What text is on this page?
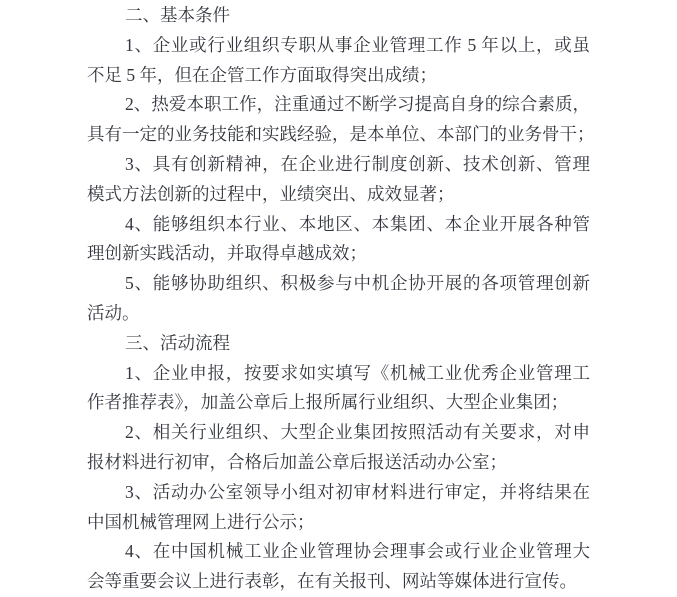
二、基本条件
1、企业或行业组织专职从事企业管理工作 5 年以上，或虽
不足 5 年，但在企管工作方面取得突出成绩；
2、热爱本职工作，注重通过不断学习提高自身的综合素质，
具有一定的业务技能和实践经验，是本单位、本部门的业务骨干；
3、具有创新精神，在企业进行制度创新、技术创新、管理
模式方法创新的过程中，业绩突出、成效显著；
4、能够组织本行业、本地区、本集团、本企业开展各种管
理创新实践活动，并取得卓越成效；
5、能够协助组织、积极参与中机企协开展的各项管理创新
活动。
三、活动流程
1、企业申报，按要求如实填写《机械工业优秀企业管理工
作者推荐表》，加盖公章后上报所属行业组织、大型企业集团；
2、相关行业组织、大型企业集团按照活动有关要求，对申
报材料进行初审，合格后加盖公章后报送活动办公室；
3、活动办公室领导小组对初审材料进行审定，并将结果在
中国机械管理网上进行公示；
4、在中国机械工业企业管理协会理事会或行业企业管理大
会等重要会议上进行表彰，在有关报刊、网站等媒体进行宣传。
